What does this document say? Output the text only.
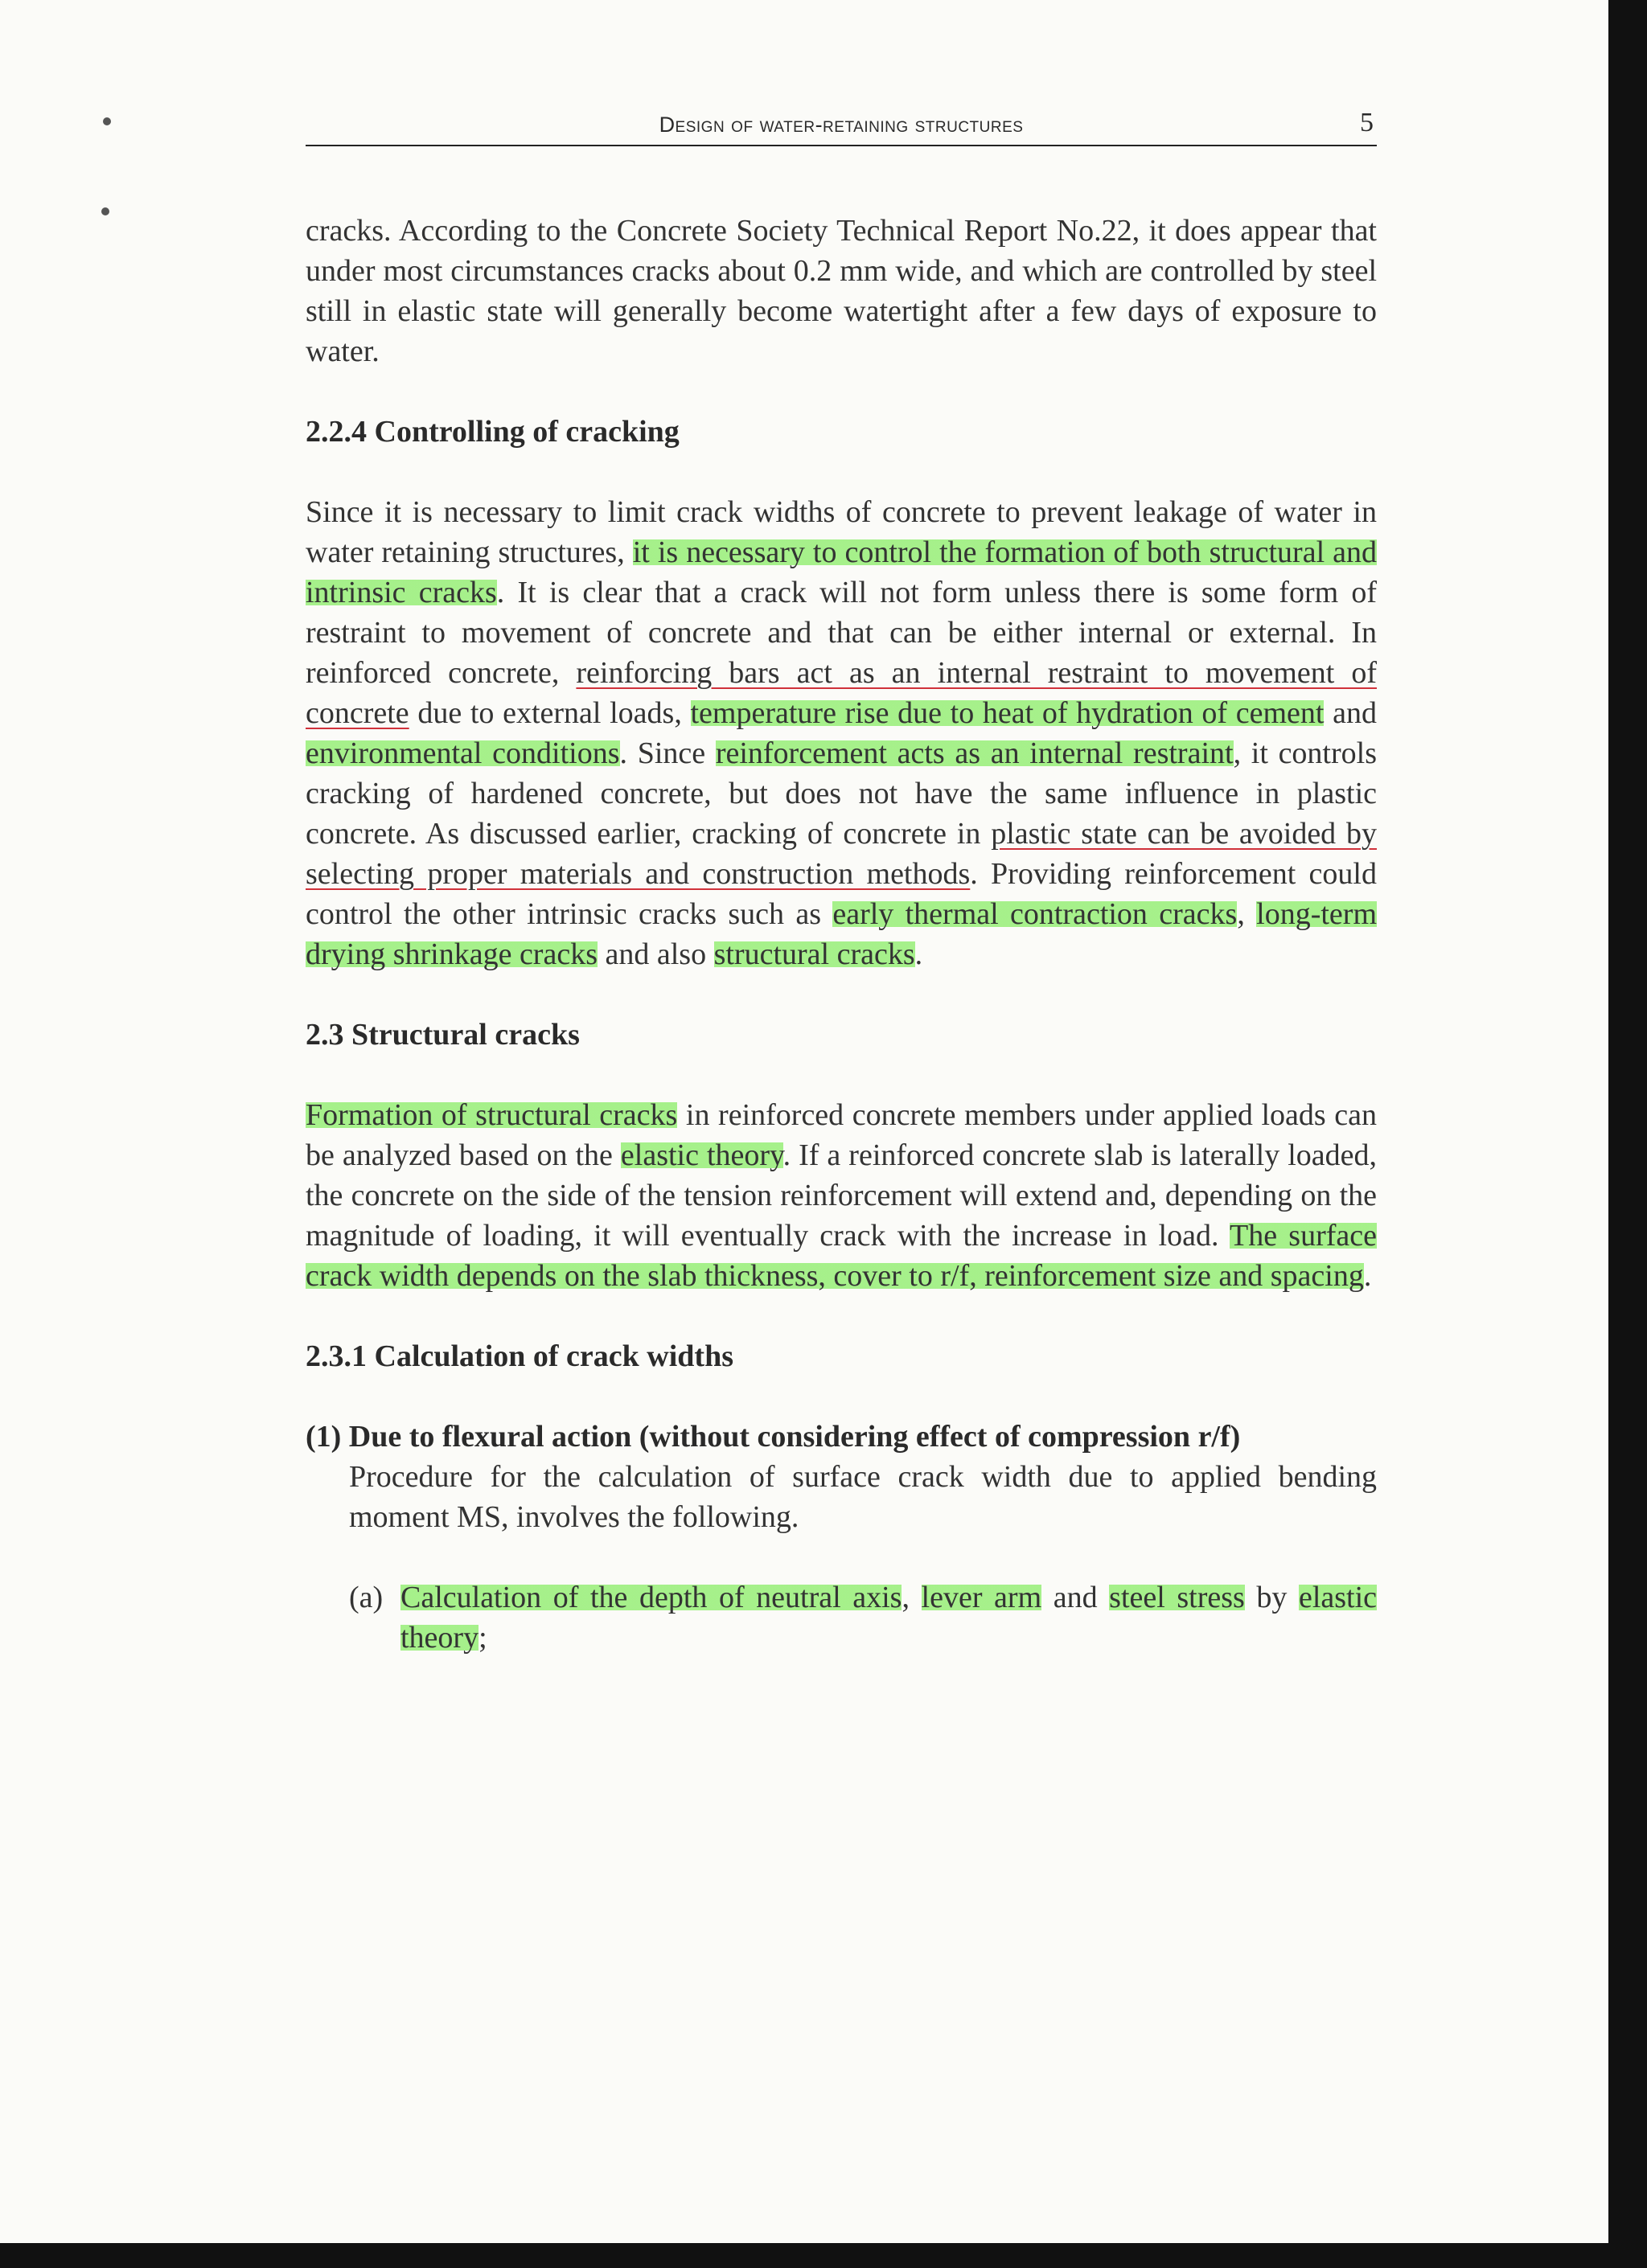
Design of water-retaining structures	5

cracks. According to the Concrete Society Technical Report No.22, it does appear that under most circumstances cracks about 0.2 mm wide, and which are controlled by steel still in elastic state will generally become watertight after a few days of exposure to water.

2.2.4 Controlling of cracking

Since it is necessary to limit crack widths of concrete to prevent leakage of water in water retaining structures, it is necessary to control the formation of both structural and intrinsic cracks. It is clear that a crack will not form unless there is some form of restraint to movement of concrete and that can be either internal or external. In reinforced concrete, reinforcing bars act as an internal restraint to movement of concrete due to external loads, temperature rise due to heat of hydration of cement and environmental conditions. Since reinforcement acts as an internal restraint, it controls cracking of hardened concrete, but does not have the same influence in plastic concrete. As discussed earlier, cracking of concrete in plastic state can be avoided by selecting proper materials and construction methods. Providing reinforcement could control the other intrinsic cracks such as early thermal contraction cracks, long-term drying shrinkage cracks and also structural cracks.

2.3 Structural cracks

Formation of structural cracks in reinforced concrete members under applied loads can be analyzed based on the elastic theory. If a reinforced concrete slab is laterally loaded, the concrete on the side of the tension reinforcement will extend and, depending on the magnitude of loading, it will eventually crack with the increase in load. The surface crack width depends on the slab thickness, cover to r/f, reinforcement size and spacing.

2.3.1 Calculation of crack widths

(1) Due to flexural action (without considering effect of compression r/f)

Procedure for the calculation of surface crack width due to applied bending moment MS, involves the following.

(a) Calculation of the depth of neutral axis, lever arm and steel stress by elastic theory;
